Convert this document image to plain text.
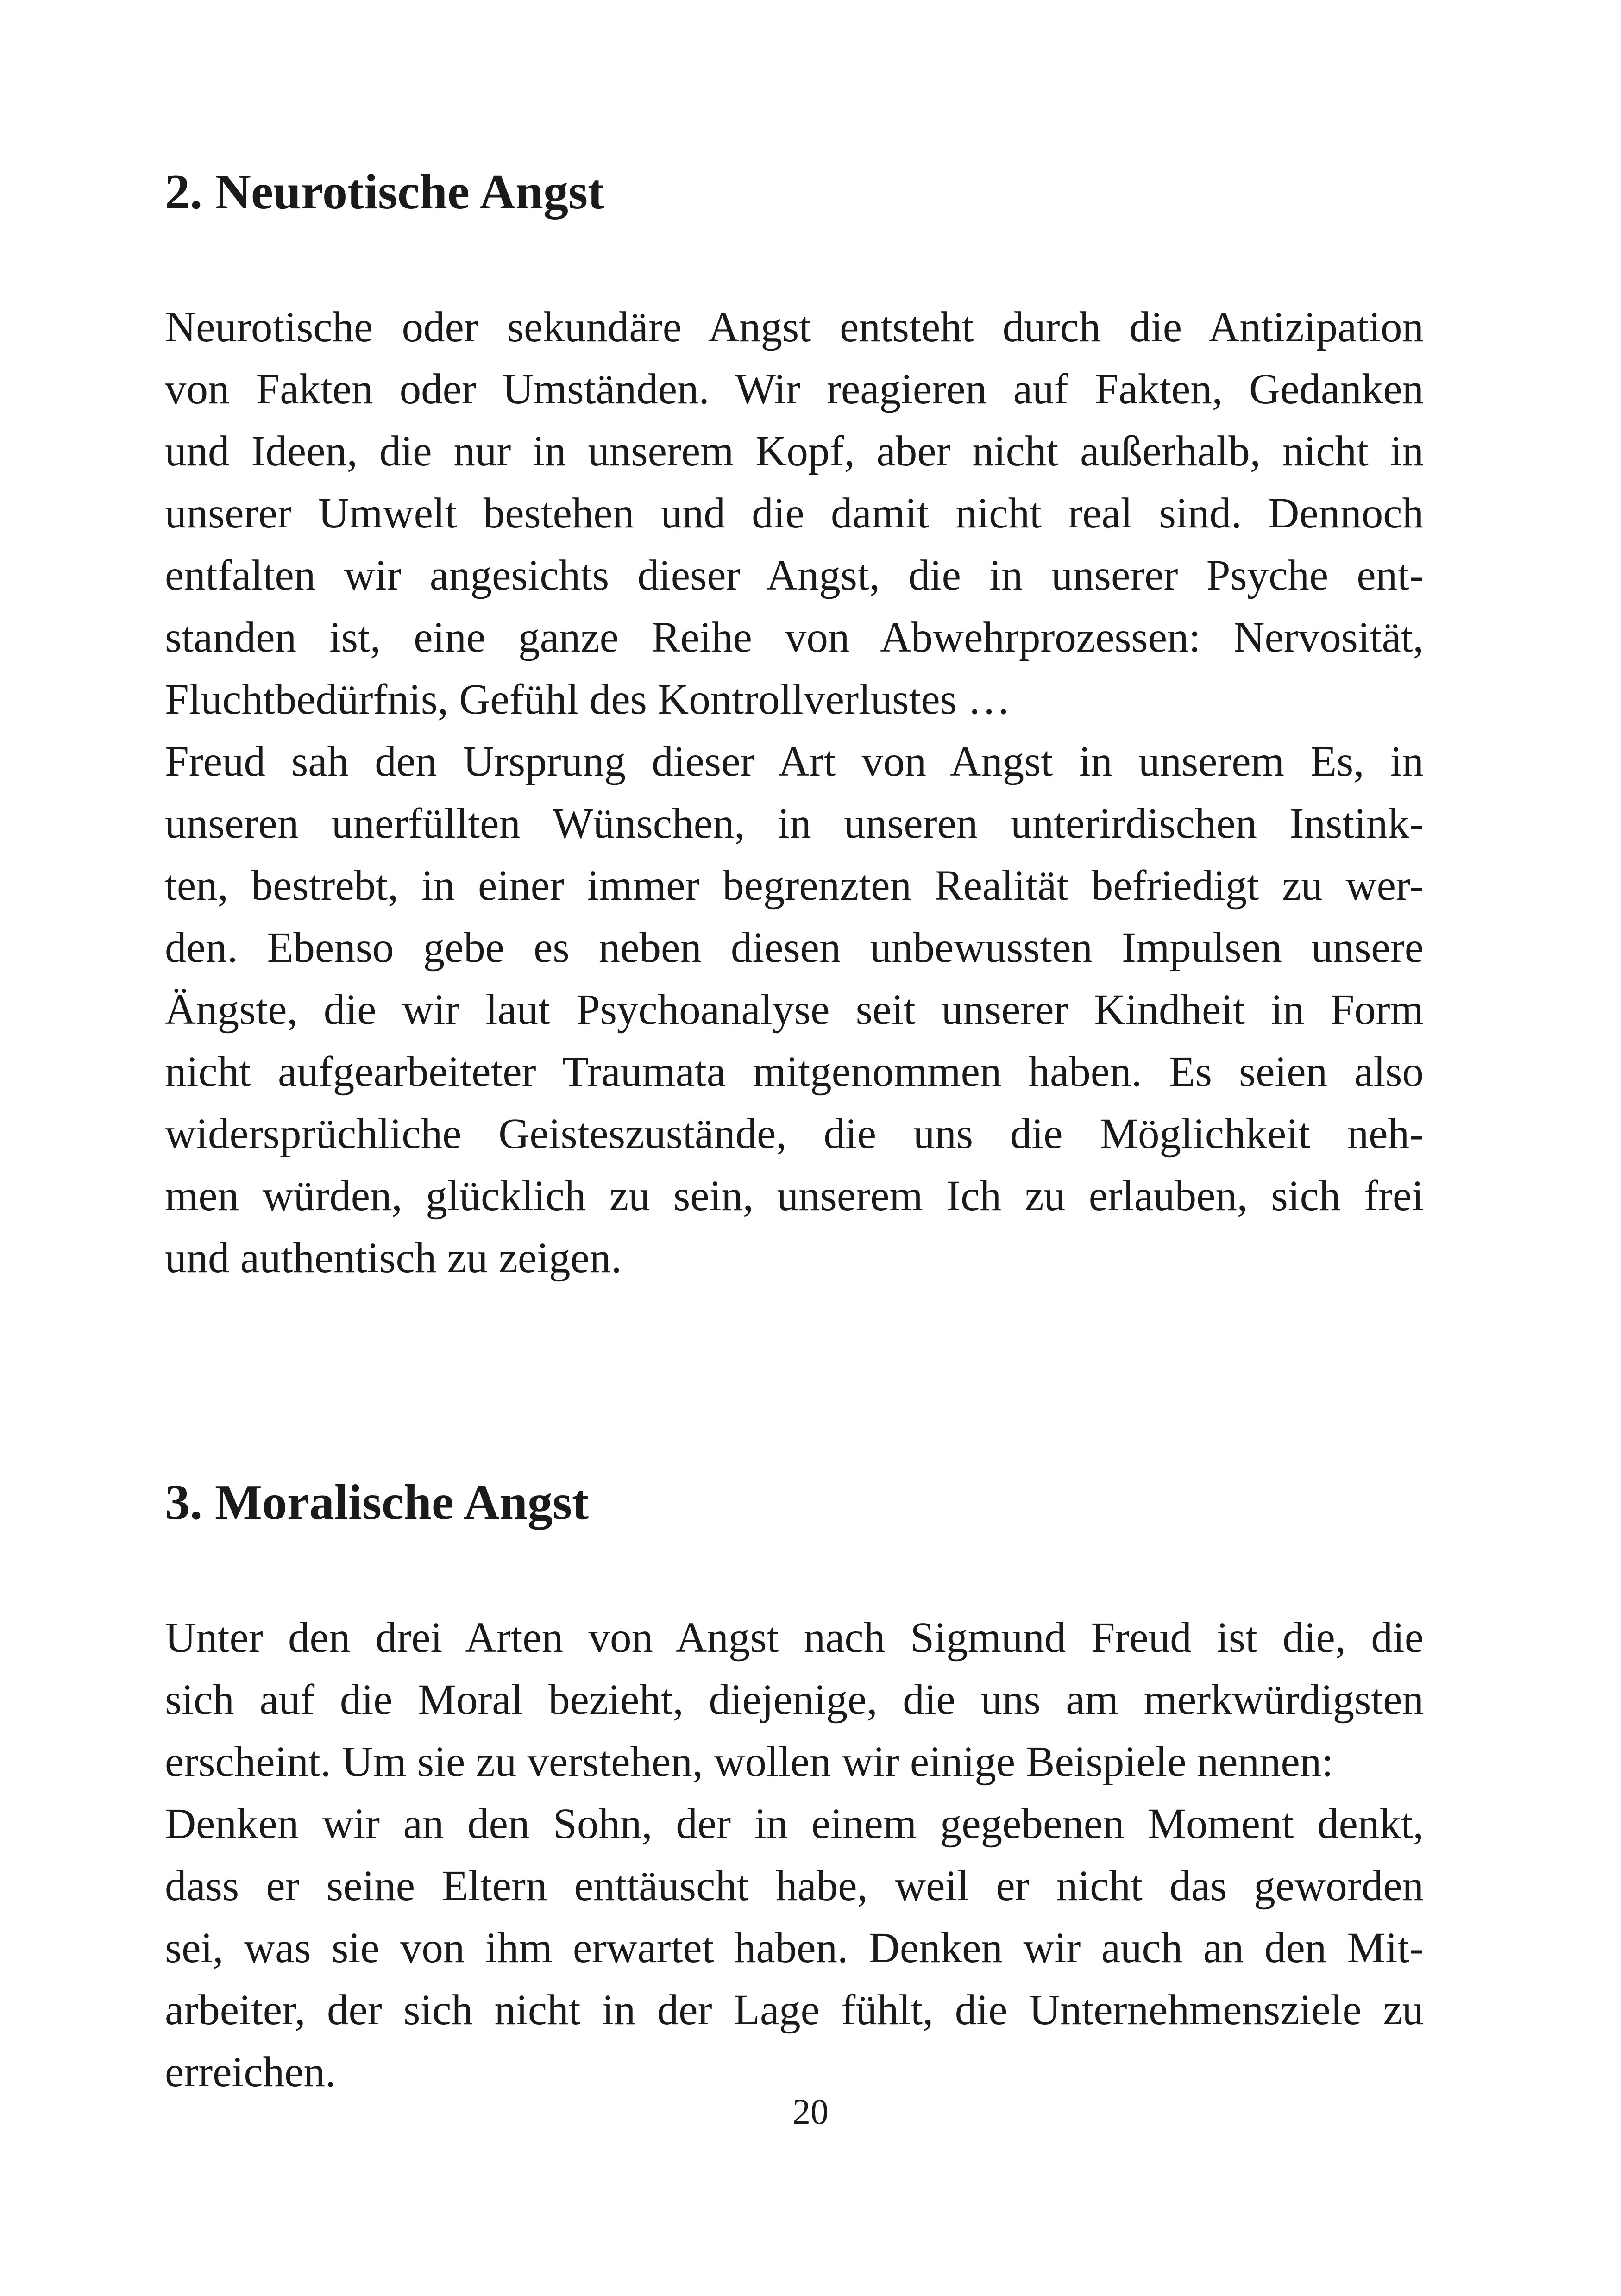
2. Neurotische Angst
Neurotische oder sekundäre Angst entsteht durch die Antizipation
von Fakten oder Umständen. Wir reagieren auf Fakten, Gedanken
und Ideen, die nur in unserem Kopf, aber nicht außerhalb, nicht in
unserer Umwelt bestehen und die damit nicht real sind. Dennoch
entfalten wir angesichts dieser Angst, die in unserer Psyche ent-
standen ist, eine ganze Reihe von Abwehrprozessen: Nervosität,
Fluchtbedürfnis, Gefühl des Kontrollverlustes …
Freud sah den Ursprung dieser Art von Angst in unserem Es, in
unseren unerfüllten Wünschen, in unseren unterirdischen Instink-
ten, bestrebt, in einer immer begrenzten Realität befriedigt zu wer-
den. Ebenso gebe es neben diesen unbewussten Impulsen unsere
Ängste, die wir laut Psychoanalyse seit unserer Kindheit in Form
nicht aufgearbeiteter Traumata mitgenommen haben. Es seien also
widersprüchliche Geisteszustände, die uns die Möglichkeit neh-
men würden, glücklich zu sein, unserem Ich zu erlauben, sich frei
und authentisch zu zeigen.
3. Moralische Angst
Unter den drei Arten von Angst nach Sigmund Freud ist die, die
sich auf die Moral bezieht, diejenige, die uns am merkwürdigsten
erscheint. Um sie zu verstehen, wollen wir einige Beispiele nennen:
Denken wir an den Sohn, der in einem gegebenen Moment denkt,
dass er seine Eltern enttäuscht habe, weil er nicht das geworden
sei, was sie von ihm erwartet haben. Denken wir auch an den Mit-
arbeiter, der sich nicht in der Lage fühlt, die Unternehmensziele zu
erreichen.
20
